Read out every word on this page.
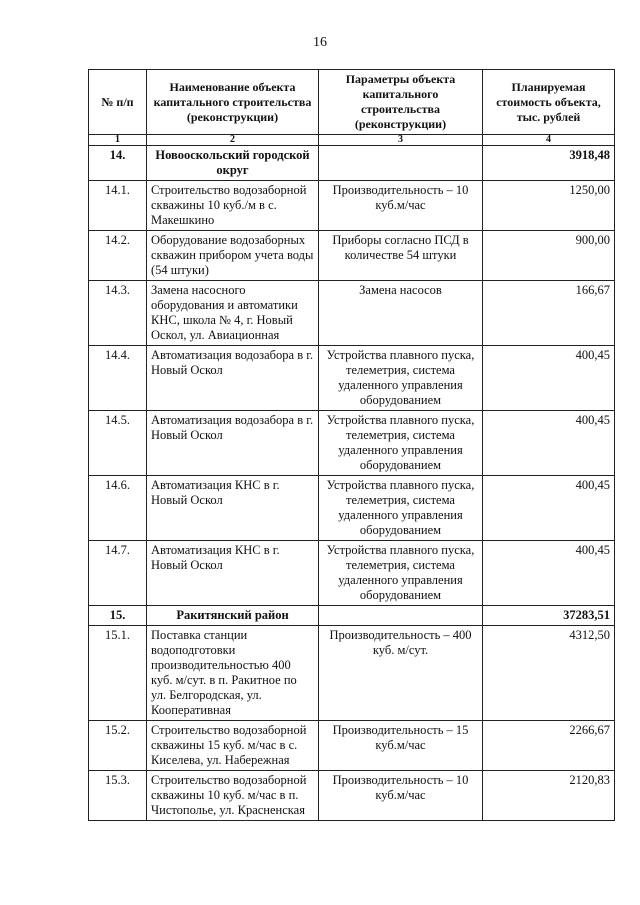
16
№ п/п	Наименование объекта капитального строительства (реконструкции)	Параметры объекта капитального строительства (реконструкции)	Планируемая стоимость объекта, тыс. рублей
1	2	3	4
14.	Новооскольский городской округ		3918,48
14.1.	Строительство водозаборной скважины 10 куб./м в с. Макешкино	Производительность – 10 куб.м/час	1250,00
14.2.	Оборудование водозаборных скважин прибором учета воды (54 штуки)	Приборы согласно ПСД в количестве 54 штуки	900,00
14.3.	Замена насосного оборудования и автоматики КНС, школа № 4, г. Новый Оскол, ул. Авиационная	Замена насосов	166,67
14.4.	Автоматизация водозабора в г. Новый Оскол	Устройства плавного пуска, телеметрия, система удаленного управления оборудованием	400,45
14.5.	Автоматизация водозабора в г. Новый Оскол	Устройства плавного пуска, телеметрия, система удаленного управления оборудованием	400,45
14.6.	Автоматизация КНС в г. Новый Оскол	Устройства плавного пуска, телеметрия, система удаленного управления оборудованием	400,45
14.7.	Автоматизация КНС в г. Новый Оскол	Устройства плавного пуска, телеметрия, система удаленного управления оборудованием	400,45
15.	Ракитянский район		37283,51
15.1.	Поставка станции водоподготовки производительностью 400 куб. м/сут. в п. Ракитное по ул. Белгородская, ул. Кооперативная	Производительность – 400 куб. м/сут.	4312,50
15.2.	Строительство водозаборной скважины 15 куб. м/час в с. Киселева, ул. Набережная	Производительность – 15 куб.м/час	2266,67
15.3.	Строительство водозаборной скважины 10 куб. м/час в п. Чистополье, ул. Красненская	Производительность – 10 куб.м/час	2120,83
